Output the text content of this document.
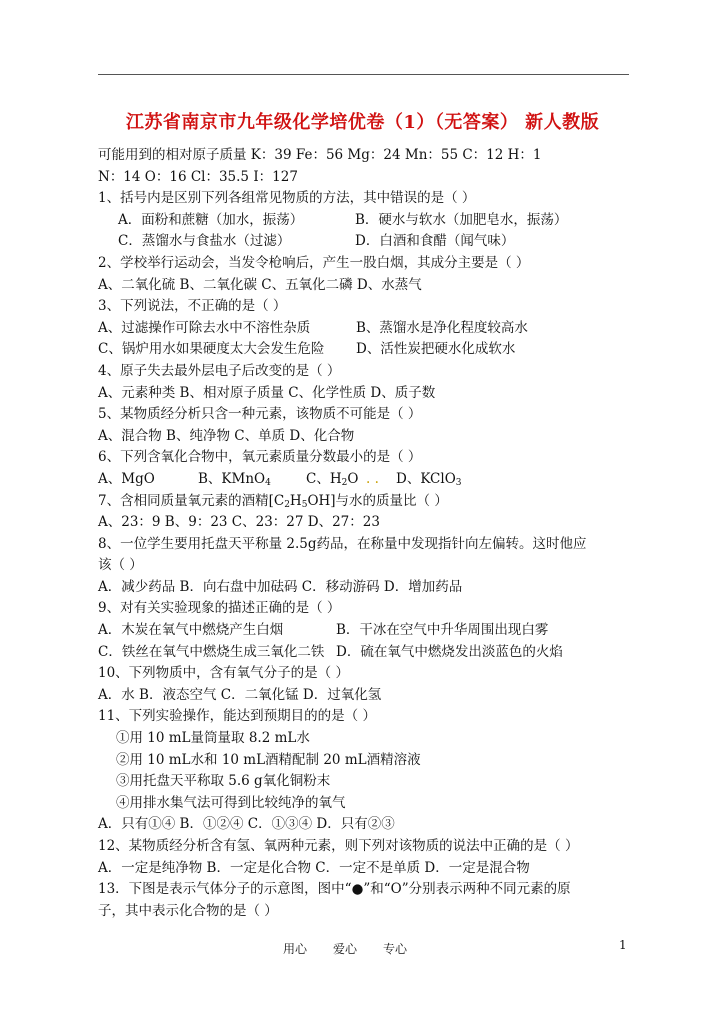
江苏省南京市九年级化学培优卷（1）（无答案） 新人教版
可能用到的相对原子质量 K：39 Fe：56 Mg：24 Mn：55 C：12 H：1
N：14 O：16 Cl：35.5 I：127
1、括号内是区别下列各组常见物质的方法，其中错误的是（ ）
A．面粉和蔗糖（加水，振荡）	B．硬水与软水（加肥皂水，振荡）
C．蒸馏水与食盐水（过滤）	D．白酒和食醋（闻气味）
2、学校举行运动会，当发令枪响后，产生一股白烟，其成分主要是（ ）
A、二氧化硫 B、二氧化碳 C、五氧化二磷 D、水蒸气
3、下列说法，不正确的是（ ）
A、过滤操作可除去水中不溶性杂质	B、蒸馏水是净化程度较高水
C、锅炉用水如果硬度太大会发生危险 D、活性炭把硬水化成软水
4、原子失去最外层电子后改变的是（ ）
A、元素种类 B、相对原子质量 C、化学性质 D、质子数
5、某物质经分析只含一种元素，该物质不可能是（ ）
A、混合物 B、纯净物 C、单质 D、化合物
6、下列含氧化合物中，氧元素质量分数最小的是（ ）
A、MgO	B、KMnO$_4$	C、$H_2O$ . . D、KClO$_3$
7、含相同质量氧元素的酒精$[C_2H_5OH]$与水的质量比（ ）
A、23：9 B、9：23 C、23：27 D、27：23
8、一位学生要用托盘天平称量 2.5g药品，在称量中发现指针向左偏转。这时他应
该（ ）
A．减少药品 B．向右盘中加砝码 C．移动游码 D．增加药品
9、对有关实验现象的描述正确的是（ ）
A．木炭在氧气中燃烧产生白烟	B．干冰在空气中升华周围出现白雾
C．铁丝在氧气中燃烧生成三氧化二铁 D．硫在氧气中燃烧发出淡蓝色的火焰
10、下列物质中，含有氧气分子的是（ ）
A．水 B．液态空气 C．二氧化锰 D．过氧化氢
11、下列实验操作，能达到预期目的的是（ ）
①用 10 mL量筒量取 8.2 mL水
②用 10 mL水和 10 mL酒精配制 20 mL酒精溶液
③用托盘天平称取 5.6 g氧化铜粉末
④用排水集气法可得到比较纯净的氧气
A．只有①④ B．①②④ C．①③④ D．只有②③
12、某物质经分析含有氢、氧两种元素，则下列对该物质的说法中正确的是（ ）
A．一定是纯净物 B．一定是化合物 C．一定不是单质 D．一定是混合物
13．下图是表示气体分子的示意图，图中“●”和“O”分别表示两种不同元素的原
子，其中表示化合物的是（ ）
用心 爱心 专心	1
